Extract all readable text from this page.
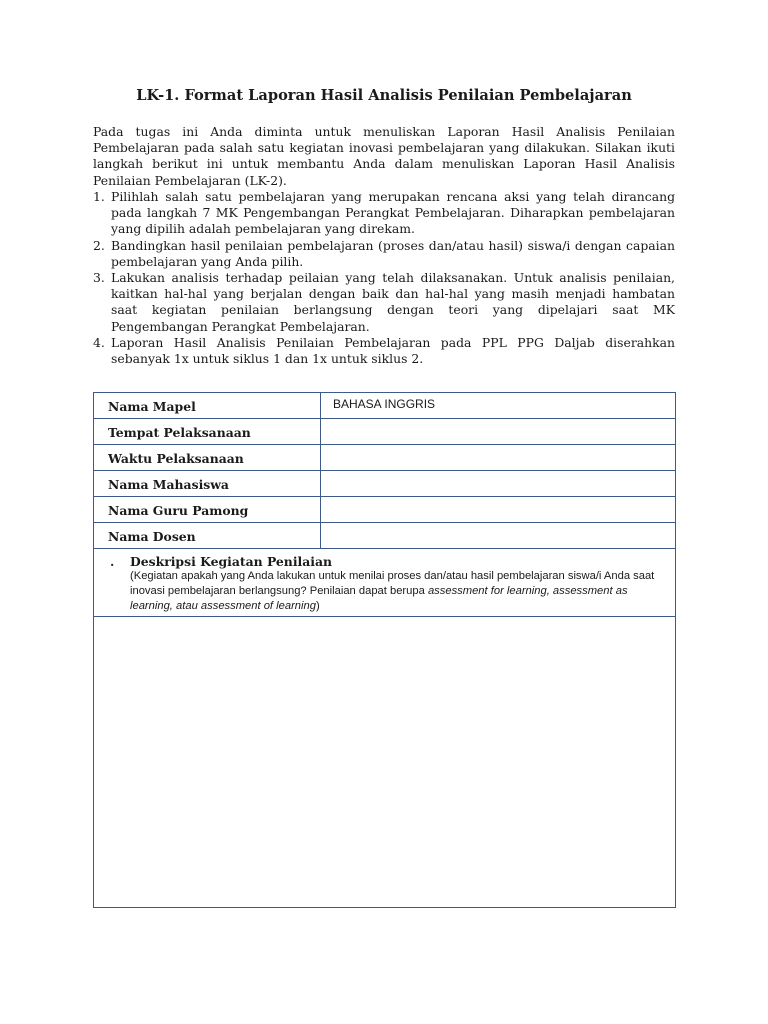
LK-1. Format Laporan Hasil Analisis Penilaian Pembelajaran

Pada tugas ini Anda diminta untuk menuliskan Laporan Hasil Analisis Penilaian Pembelajaran pada salah satu kegiatan inovasi pembelajaran yang dilakukan. Silakan ikuti langkah berikut ini untuk membantu Anda dalam menuliskan Laporan Hasil Analisis Penilaian Pembelajaran (LK-2).

1. Pilihlah salah satu pembelajaran yang merupakan rencana aksi yang telah dirancang pada langkah 7 MK Pengembangan Perangkat Pembelajaran. Diharapkan pembelajaran yang dipilih adalah pembelajaran yang direkam.
2. Bandingkan hasil penilaian pembelajaran (proses dan/atau hasil) siswa/i dengan capaian pembelajaran yang Anda pilih.
3. Lakukan analisis terhadap peilaian yang telah dilaksanakan. Untuk analisis penilaian, kaitkan hal-hal yang berjalan dengan baik dan hal-hal yang masih menjadi hambatan saat kegiatan penilaian berlangsung dengan teori yang dipelajari saat MK Pengembangan Perangkat Pembelajaran.
4. Laporan Hasil Analisis Penilaian Pembelajaran pada PPL PPG Daljab diserahkan sebanyak 1x untuk siklus 1 dan 1x untuk siklus 2.
Nama Mapel	BAHASA INGGRIS
Tempat Pelaksanaan	
Waktu Pelaksanaan	
Nama Mahasiswa	
Nama Guru Pamong	
Nama Dosen	

. Deskripsi Kegiatan Penilaian
(Kegiatan apakah yang Anda lakukan untuk menilai proses dan/atau hasil pembelajaran siswa/i Anda saat inovasi pembelajaran berlangsung? Penilaian dapat berupa assessment for learning, assessment as learning, atau assessment of learning)	
